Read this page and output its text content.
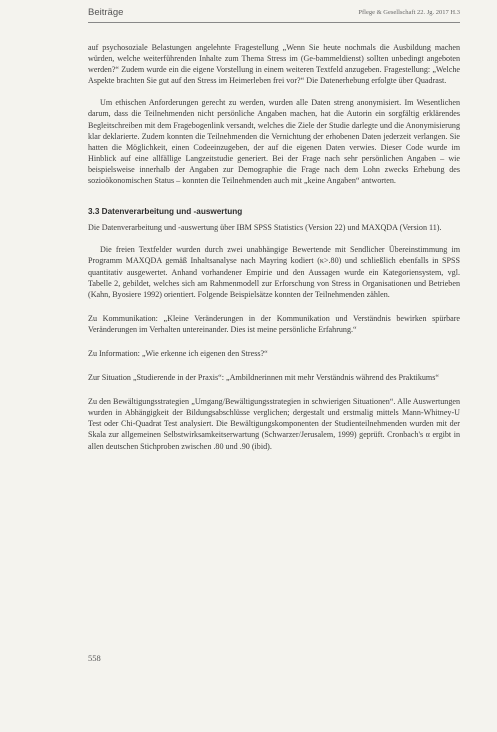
Beiträge	Pflege & Gesellschaft 22. Jg. 2017 H.3

auf psychosoziale Belastungen angelehnte Fragestellung „Wenn Sie heute nochmals die Ausbildung machen würden, welche weiterführenden Inhalte zum Thema Stress im (Ge-bammeldienst) sollten unbedingt angeboten werden?“ Zudem wurde ein die eigene Vorstellung in einem weiteren Textfeld anzugeben. Fragestellung: „Welche Aspekte brachten Sie gut auf den Stress im Heimerleben frei vor?“ Die Datenerhebung erfolgte über Quadrast.

Um ethischen Anforderungen gerecht zu werden, wurden alle Daten streng anonymisiert. Im Wesentlichen darum, dass die Teilnehmenden nicht persönliche Angaben machen, hat die Autorin ein sorgfältig erklärendes Begleitschreiben mit dem Fragebogenlink versandt, welches die Ziele der Studie darlegte und die Anonymisierung klar deklarierte. Zudem konnten die Teilnehmenden die Vernichtung der erhobenen Daten jederzeit verlangen. Sie hatten die Möglichkeit, einen Codeeinzugeben, der auf die eigenen Daten verwies. Dieser Code wurde im Hinblick auf eine allfällige Langzeitstudie generiert. Bei der Frage nach sehr persönlichen Angaben – wie beispielsweise innerhalb der Angaben zur Demographie die Frage nach dem Lohn zwecks Erhebung des sozioökonomischen Status – konnten die Teilnehmenden auch mit „keine Angaben“ antworten.

3.3 Datenverarbeitung und -auswertung

Die Datenverarbeitung und -auswertung über IBM SPSS Statistics (Version 22) und MAXQDA (Version 11).

Die freien Textfelder wurden durch zwei unabhängige Bewertende mit Sendlicher Übereinstimmung im Programm MAXQDA gemäß Inhaltsanalyse nach Mayring kodiert (κ>.80) und schließlich ebenfalls in SPSS quantitativ ausgewertet. Anhand vorhandener Empirie und den Aussagen wurde ein Kategoriensystem, vgl. Tabelle 2, gebildet, welches sich am Rahmenmodell zur Erforschung von Stress in Organisationen und Betrieben (Kahn, Byosiere 1992) orientiert. Folgende Beispielsätze konnten der Teilnehmenden zählen.

Zu Kommunikation: „Kleine Veränderungen in der Kommunikation und Verständnis bewirken spürbare Veränderungen im Verhalten untereinander. Dies ist meine persönliche Erfahrung.“

Zu Information: „Wie erkenne ich eigenen den Stress?“

Zur Situation „Studierende in der Praxis“: „Ambildnerinnen mit mehr Verständnis während des Praktikums“

Zu den Bewältigungsstrategien „Umgang/Bewältigungsstrategien in schwierigen Situationen“. Alle Auswertungen wurden in Abhängigkeit der Bildungsabschlüsse verglichen; dergestalt und erstmalig mittels Mann-Whitney-U Test oder Chi-Quadrat Test analysiert. Die Bewältigungskomponenten der Studienteilnehmenden wurden mit der Skala zur allgemeinen Selbstwirksamkeitserwartung (Schwarzer/Jerusalem, 1999) geprüft. Cronbach's α ergibt in allen deutschen Stichproben zwischen .80 und .90 (ibid).

558
